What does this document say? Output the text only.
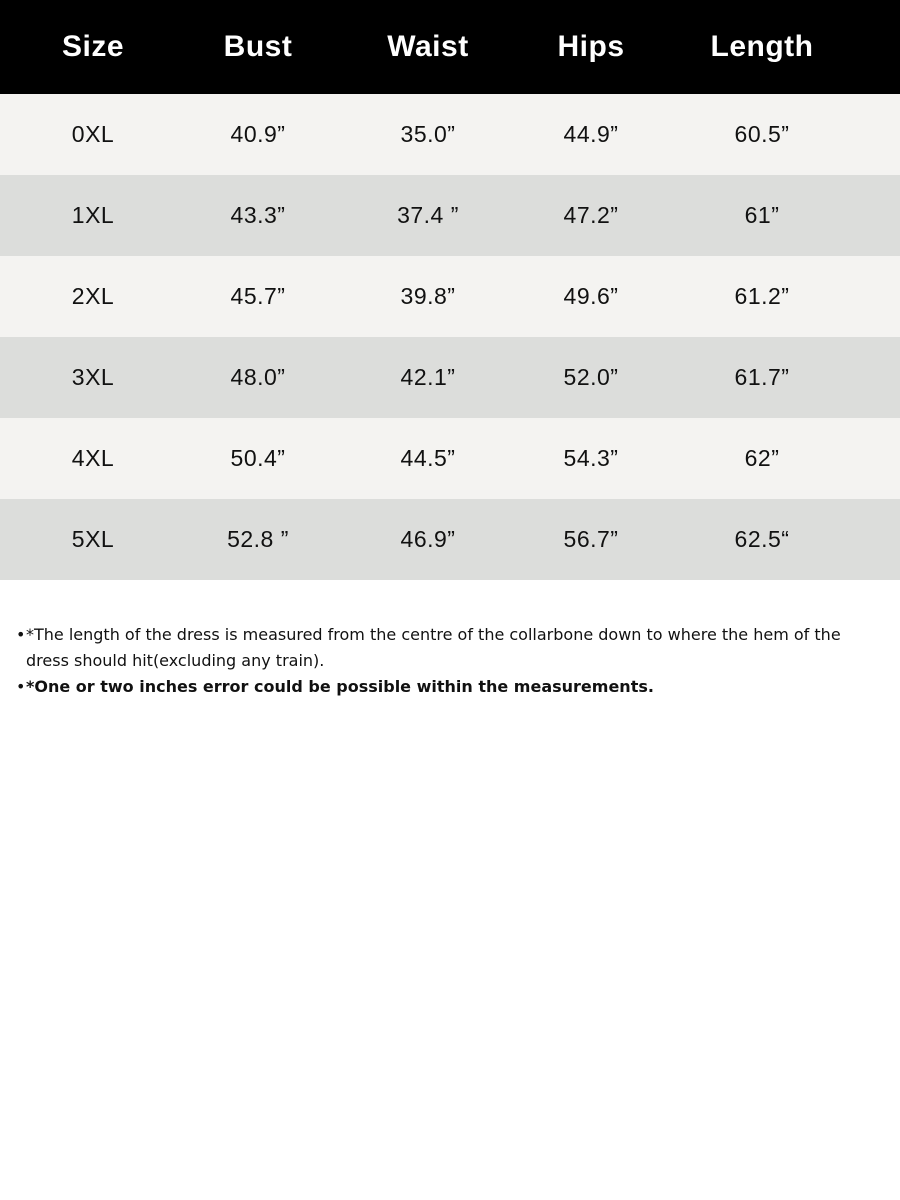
Size	Bust	Waist	Hips	Length
0XL	40.9”	35.0”	44.9”	60.5”
1XL	43.3”	37.4 ”	47.2”	61”
2XL	45.7”	39.8”	49.6”	61.2”
3XL	48.0”	42.1”	52.0”	61.7”
4XL	50.4”	44.5”	54.3”	62”
5XL	52.8 ”	46.9”	56.7”	62.5“
• *The length of the dress is measured from the centre of the collarbone down to where the hem of the dress should hit(excluding any train).
• *One or two inches error could be possible within the measurements.
